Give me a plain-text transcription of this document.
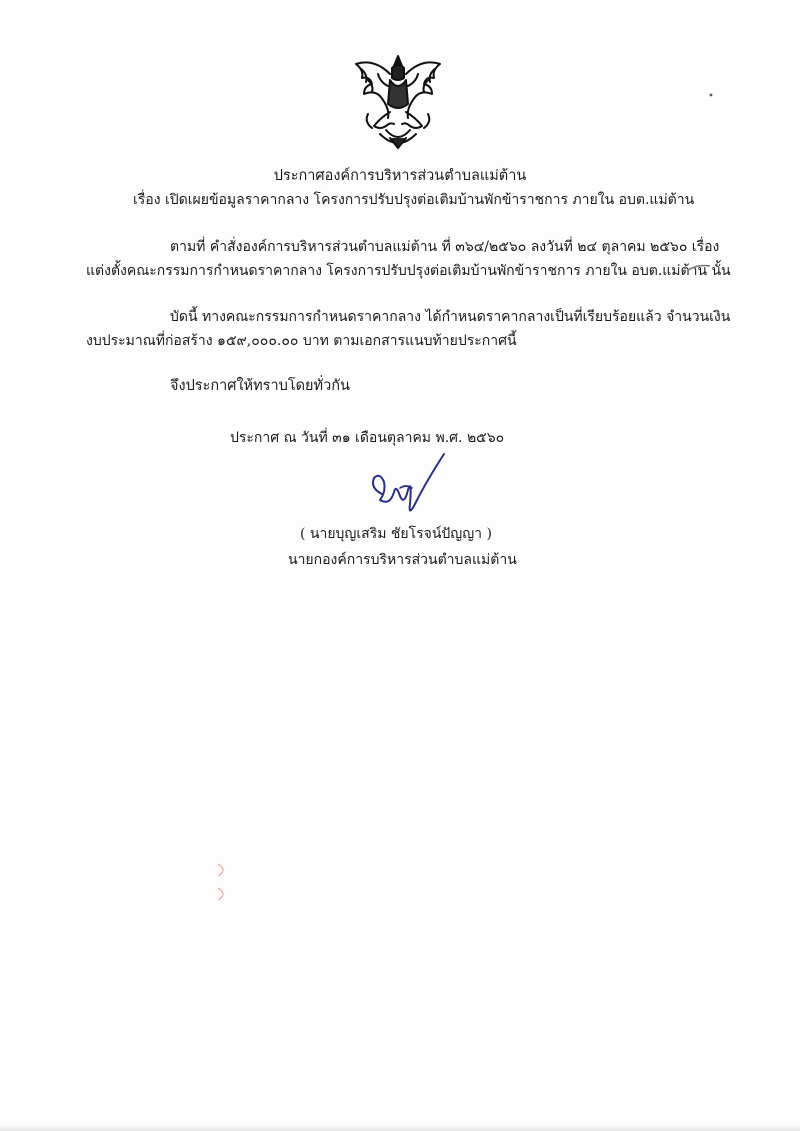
ประกาศองค์การบริหารส่วนตำบลแม่ต้าน
เรื่อง เปิดเผยข้อมูลราคากลาง โครงการปรับปรุงต่อเติมบ้านพักข้าราชการ ภายใน อบต.แม่ต้าน
ตามที่ คำสั่งองค์การบริหารส่วนตำบลแม่ต้าน ที่ ๓๖๔/๒๕๖๐ ลงวันที่ ๒๔ ตุลาคม ๒๕๖๐ เรื่อง
แต่งตั้งคณะกรรมการกำหนดราคากลาง โครงการปรับปรุงต่อเติมบ้านพักข้าราชการ ภายใน อบต.แม่ต้าน นั้น
บัดนี้ ทางคณะกรรมการกำหนดราคากลาง ได้กำหนดราคากลางเป็นที่เรียบร้อยแล้ว จำนวนเงิน
งบประมาณที่ก่อสร้าง ๑๕๙,๐๐๐.๐๐ บาท ตามเอกสารแนบท้ายประกาศนี้
จึงประกาศให้ทราบโดยทั่วกัน
ประกาศ ณ วันที่ ๓๑ เดือนตุลาคม พ.ศ. ๒๕๖๐
( นายบุญเสริม ชัยโรจน์ปัญญา )
นายกองค์การบริหารส่วนตำบลแม่ต้าน
